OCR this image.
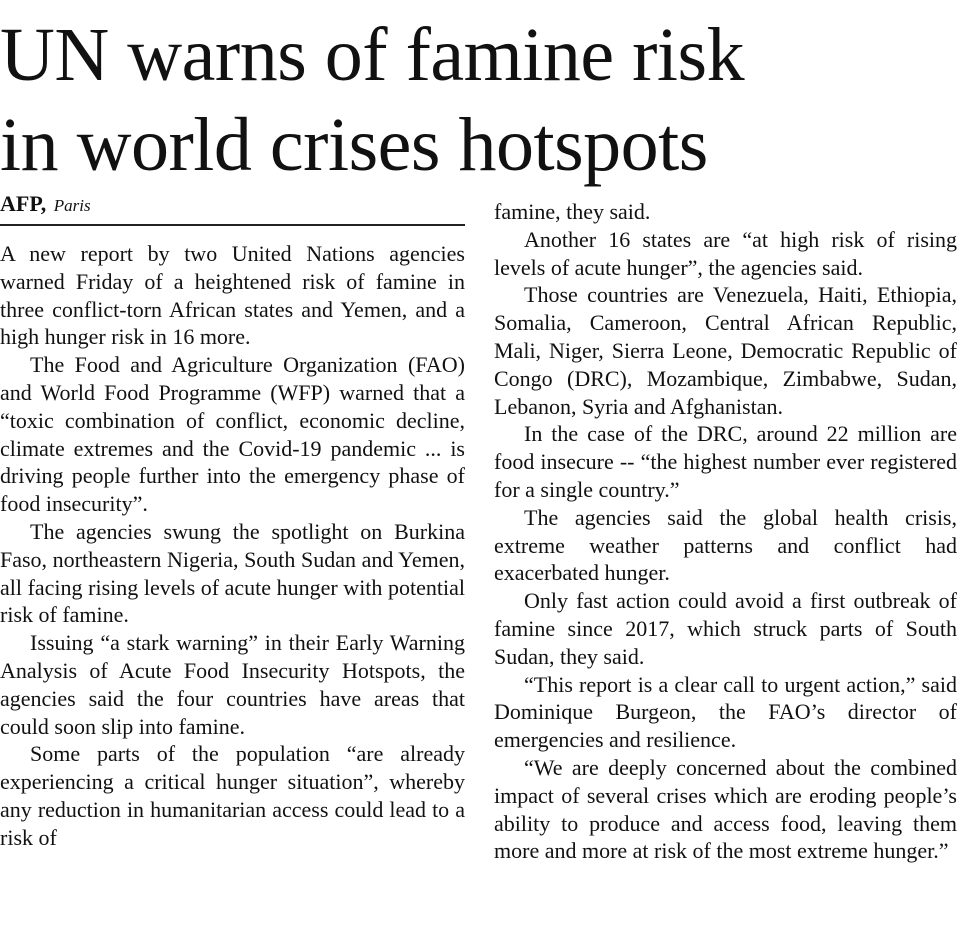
UN warns of famine risk
in world crises hotspots
AFP, Paris

A new report by two United Nations agencies warned Friday of a heightened risk of famine in three conflict-torn African states and Yemen, and a high hunger risk in 16 more.

The Food and Agriculture Organization (FAO) and World Food Programme (WFP) warned that a “toxic combination of conflict, economic decline, climate extremes and the Covid-19 pandemic ... is driving people further into the emergency phase of food insecurity”.

The agencies swung the spotlight on Burkina Faso, northeastern Nigeria, South Sudan and Yemen, all facing rising levels of acute hunger with potential risk of famine.

Issuing “a stark warning” in their Early Warning Analysis of Acute Food Insecurity Hotspots, the agencies said the four countries have areas that could soon slip into famine.

Some parts of the population “are already experiencing a critical hunger situation”, whereby any reduction in humanitarian access could lead to a risk of

famine, they said.

Another 16 states are “at high risk of rising levels of acute hunger”, the agencies said.

Those countries are Venezuela, Haiti, Ethiopia, Somalia, Cameroon, Central African Republic, Mali, Niger, Sierra Leone, Democratic Republic of Congo (DRC), Mozambique, Zimbabwe, Sudan, Lebanon, Syria and Afghanistan.

In the case of the DRC, around 22 million are food insecure -- “the highest number ever registered for a single country.”

The agencies said the global health crisis, extreme weather patterns and conflict had exacerbated hunger.

Only fast action could avoid a first outbreak of famine since 2017, which struck parts of South Sudan, they said.

“This report is a clear call to urgent action,” said Dominique Burgeon, the FAO’s director of emergencies and resilience.

“We are deeply concerned about the combined impact of several crises which are eroding people’s ability to produce and access food, leaving them more and more at risk of the most extreme hunger.”
